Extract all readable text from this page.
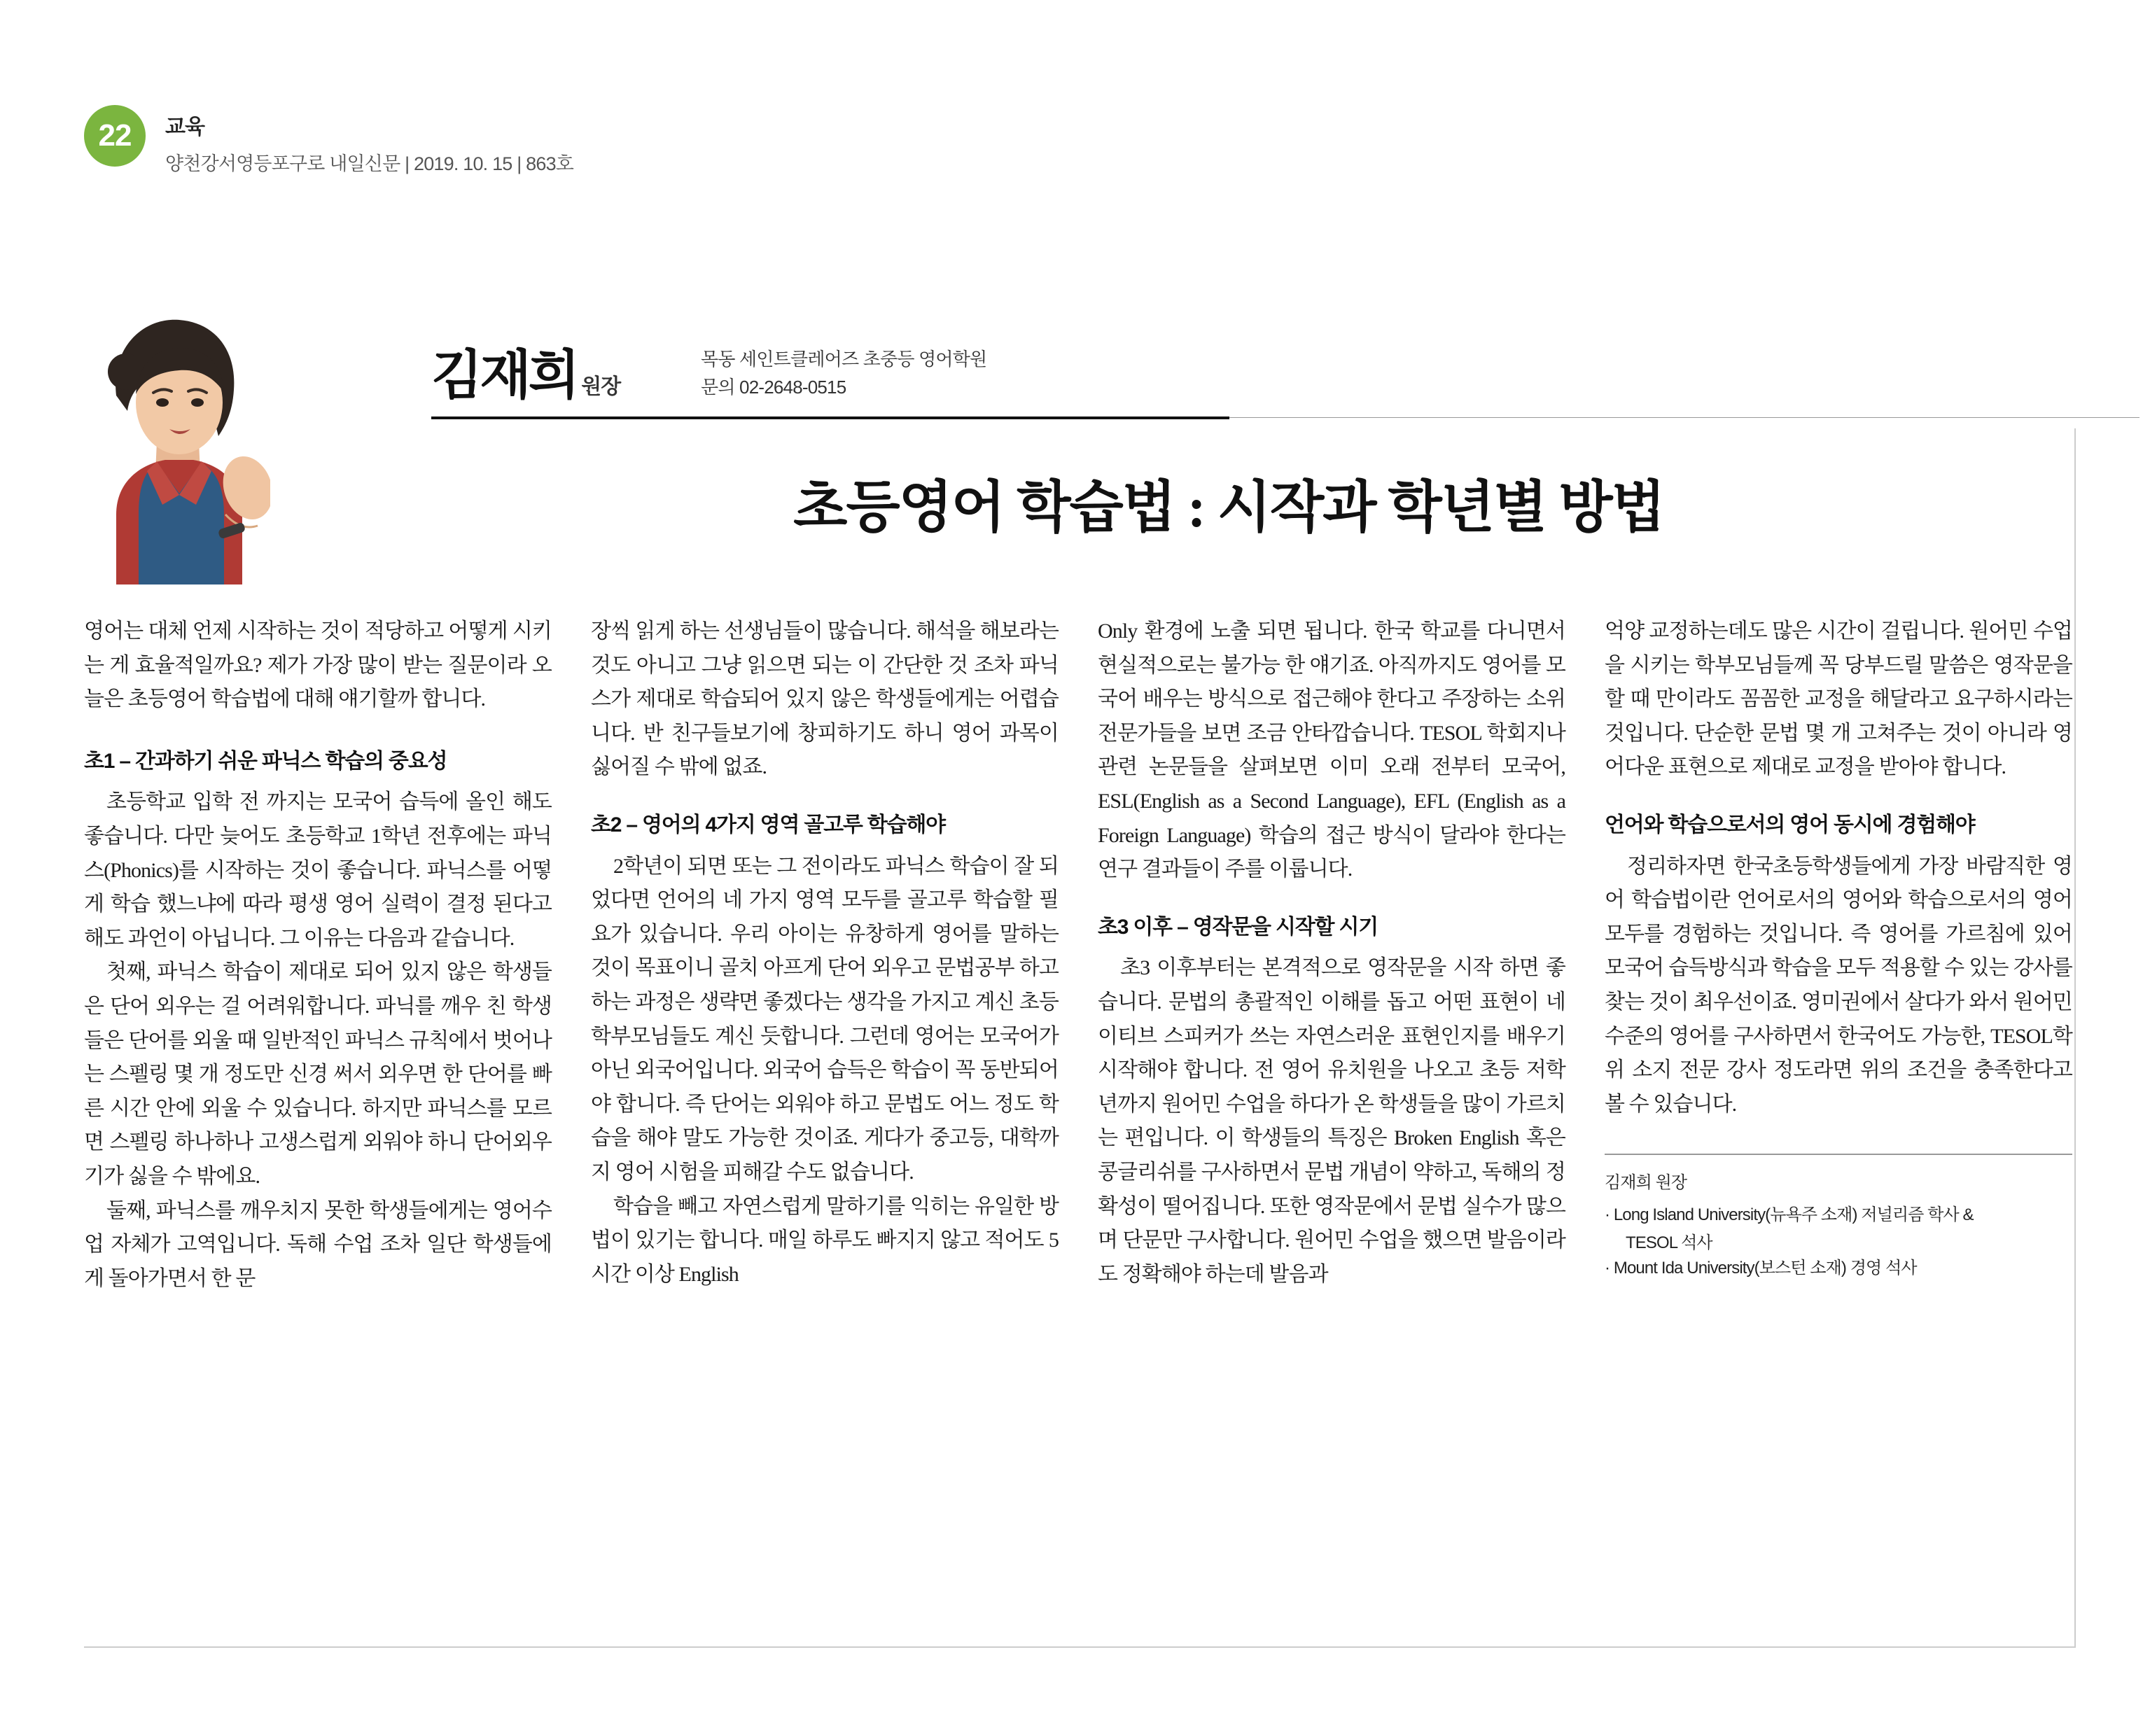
22	교육
양천강서영등포구로 내일신문 | 2019. 10. 15 | 863호
김재희 원장
목동 세인트클레어즈 초중등 영어학원
문의 02-2648-0515
초등영어 학습법 : 시작과 학년별 방법

영어는 대체 언제 시작하는 것이 적당하고 어떻게 시키는 게 효율적일까요? 제가 가장 많이 받는 질문이라 오늘은 초등영어 학습법에 대해 얘기할까 합니다.

초1 – 간과하기 쉬운 파닉스 학습의 중요성

초등학교 입학 전 까지는 모국어 습득에 올인 해도 좋습니다. 다만 늦어도 초등학교 1학년 전후에는 파닉스(Phonics)를 시작하는 것이 좋습니다. 파닉스를 어떻게 학습 했느냐에 따라 평생 영어 실력이 결정 된다고 해도 과언이 아닙니다. 그 이유는 다음과 같습니다.

첫째, 파닉스 학습이 제대로 되어 있지 않은 학생들은 단어 외우는 걸 어려워합니다. 파닉를 깨우 친 학생들은 단어를 외울 때 일반적인 파닉스 규칙에서 벗어나는 스펠링 몇 개 정도만 신경 써서 외우면 한 단어를 빠른 시간 안에 외울 수 있습니다. 하지만 파닉스를 모르면 스펠링 하나하나 고생스럽게 외워야 하니 단어외우기가 싫을 수 밖에요.

둘째, 파닉스를 깨우치지 못한 학생들에게는 영어수업 자체가 고역입니다. 독해 수업 조차 일단 학생들에게 돌아가면서 한 문

장씩 읽게 하는 선생님들이 많습니다. 해석을 해보라는 것도 아니고 그냥 읽으면 되는 이 간단한 것 조차 파닉스가 제대로 학습되어 있지 않은 학생들에게는 어렵습니다. 반 친구들보기에 창피하기도 하니 영어 과목이 싫어질 수 밖에 없죠.

초2 – 영어의 4가지 영역 골고루 학습해야

2학년이 되면 또는 그 전이라도 파닉스 학습이 잘 되었다면 언어의 네 가지 영역 모두를 골고루 학습할 필요가 있습니다. 우리 아이는 유창하게 영어를 말하는 것이 목표이니 골치 아프게 단어 외우고 문법공부 하고 하는 과정은 생략면 좋겠다는 생각을 가지고 계신 초등 학부모님들도 계신 듯합니다. 그런데 영어는 모국어가 아닌 외국어입니다. 외국어 습득은 학습이 꼭 동반되어야 합니다. 즉 단어는 외워야 하고 문법도 어느 정도 학습을 해야 말도 가능한 것이죠. 게다가 중고등, 대학까지 영어 시험을 피해갈 수도 없습니다.

학습을 빼고 자연스럽게 말하기를 익히는 유일한 방법이 있기는 합니다. 매일 하루도 빠지지 않고 적어도 5시간 이상 English

Only 환경에 노출 되면 됩니다. 한국 학교를 다니면서 현실적으로는 불가능 한 얘기죠. 아직까지도 영어를 모국어 배우는 방식으로 접근해야 한다고 주장하는 소위 전문가들을 보면 조금 안타깝습니다. TESOL 학회지나 관련 논문들을 살펴보면 이미 오래 전부터 모국어, ESL(English as a Second Language), EFL (English as a Foreign Language) 학습의 접근 방식이 달라야 한다는 연구 결과들이 주를 이룹니다.

초3 이후 – 영작문을 시작할 시기

초3 이후부터는 본격적으로 영작문을 시작 하면 좋습니다. 문법의 총괄적인 이해를 돕고 어떤 표현이 네이티브 스피커가 쓰는 자연스러운 표현인지를 배우기 시작해야 합니다. 전 영어 유치원을 나오고 초등 저학년까지 원어민 수업을 하다가 온 학생들을 많이 가르치는 편입니다. 이 학생들의 특징은 Broken English 혹은 콩글리쉬를 구사하면서 문법 개념이 약하고, 독해의 정확성이 떨어집니다. 또한 영작문에서 문법 실수가 많으며 단문만 구사합니다. 원어민 수업을 했으면 발음이라도 정확해야 하는데 발음과

억양 교정하는데도 많은 시간이 걸립니다. 원어민 수업을 시키는 학부모님들께 꼭 당부드릴 말씀은 영작문을 할 때 만이라도 꼼꼼한 교정을 해달라고 요구하시라는 것입니다. 단순한 문법 몇 개 고쳐주는 것이 아니라 영어다운 표현으로 제대로 교정을 받아야 합니다.

언어와 학습으로서의 영어 동시에 경험해야

정리하자면 한국초등학생들에게 가장 바람직한 영어 학습법이란 언어로서의 영어와 학습으로서의 영어 모두를 경험하는 것입니다. 즉 영어를 가르침에 있어 모국어 습득방식과 학습을 모두 적용할 수 있는 강사를 찾는 것이 최우선이죠. 영미권에서 살다가 와서 원어민 수준의 영어를 구사하면서 한국어도 가능한, TESOL학위 소지 전문 강사 정도라면 위의 조건을 충족한다고 볼 수 있습니다.

김재희 원장
· Long Island University(뉴욕주 소재) 저널리즘 학사 &
TESOL 석사
· Mount Ida University(보스턴 소재) 경영 석사
